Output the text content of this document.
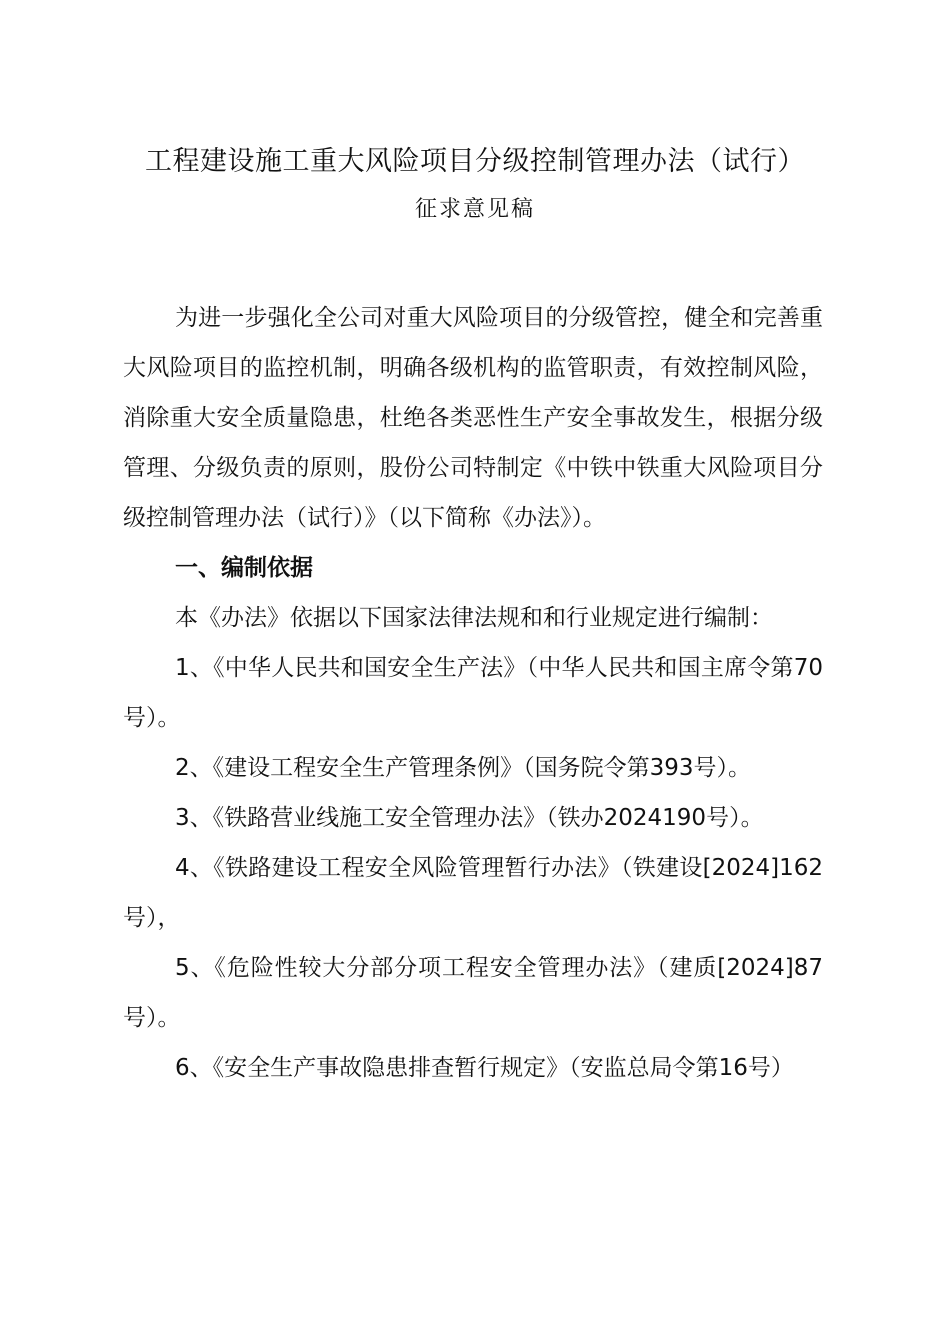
工程建设施工重大风险项目分级控制管理办法（试行）
征求意见稿

为进一步强化全公司对重大风险项目的分级管控，健全和完善重大风险项目的监控机制，明确各级机构的监管职责，有效控制风险，消除重大安全质量隐患，杜绝各类恶性生产安全事故发生，根据分级管理、分级负责的原则，股份公司特制定《中铁中铁重大风险项目分级控制管理办法（试行）》（以下简称《办法》）。

一、编制依据

本《办法》依据以下国家法律法规和和行业规定进行编制：

1、《中华人民共和国安全生产法》（中华人民共和国主席令第70号）。

2、《建设工程安全生产管理条例》（国务院令第393号）。

3、《铁路营业线施工安全管理办法》（铁办2024190号）。

4、《铁路建设工程安全风险管理暂行办法》（铁建设[2024]162号），

5、《危险性较大分部分项工程安全管理办法》（建质[2024]87号）。

6、《安全生产事故隐患排查暂行规定》（安监总局令第16号）
